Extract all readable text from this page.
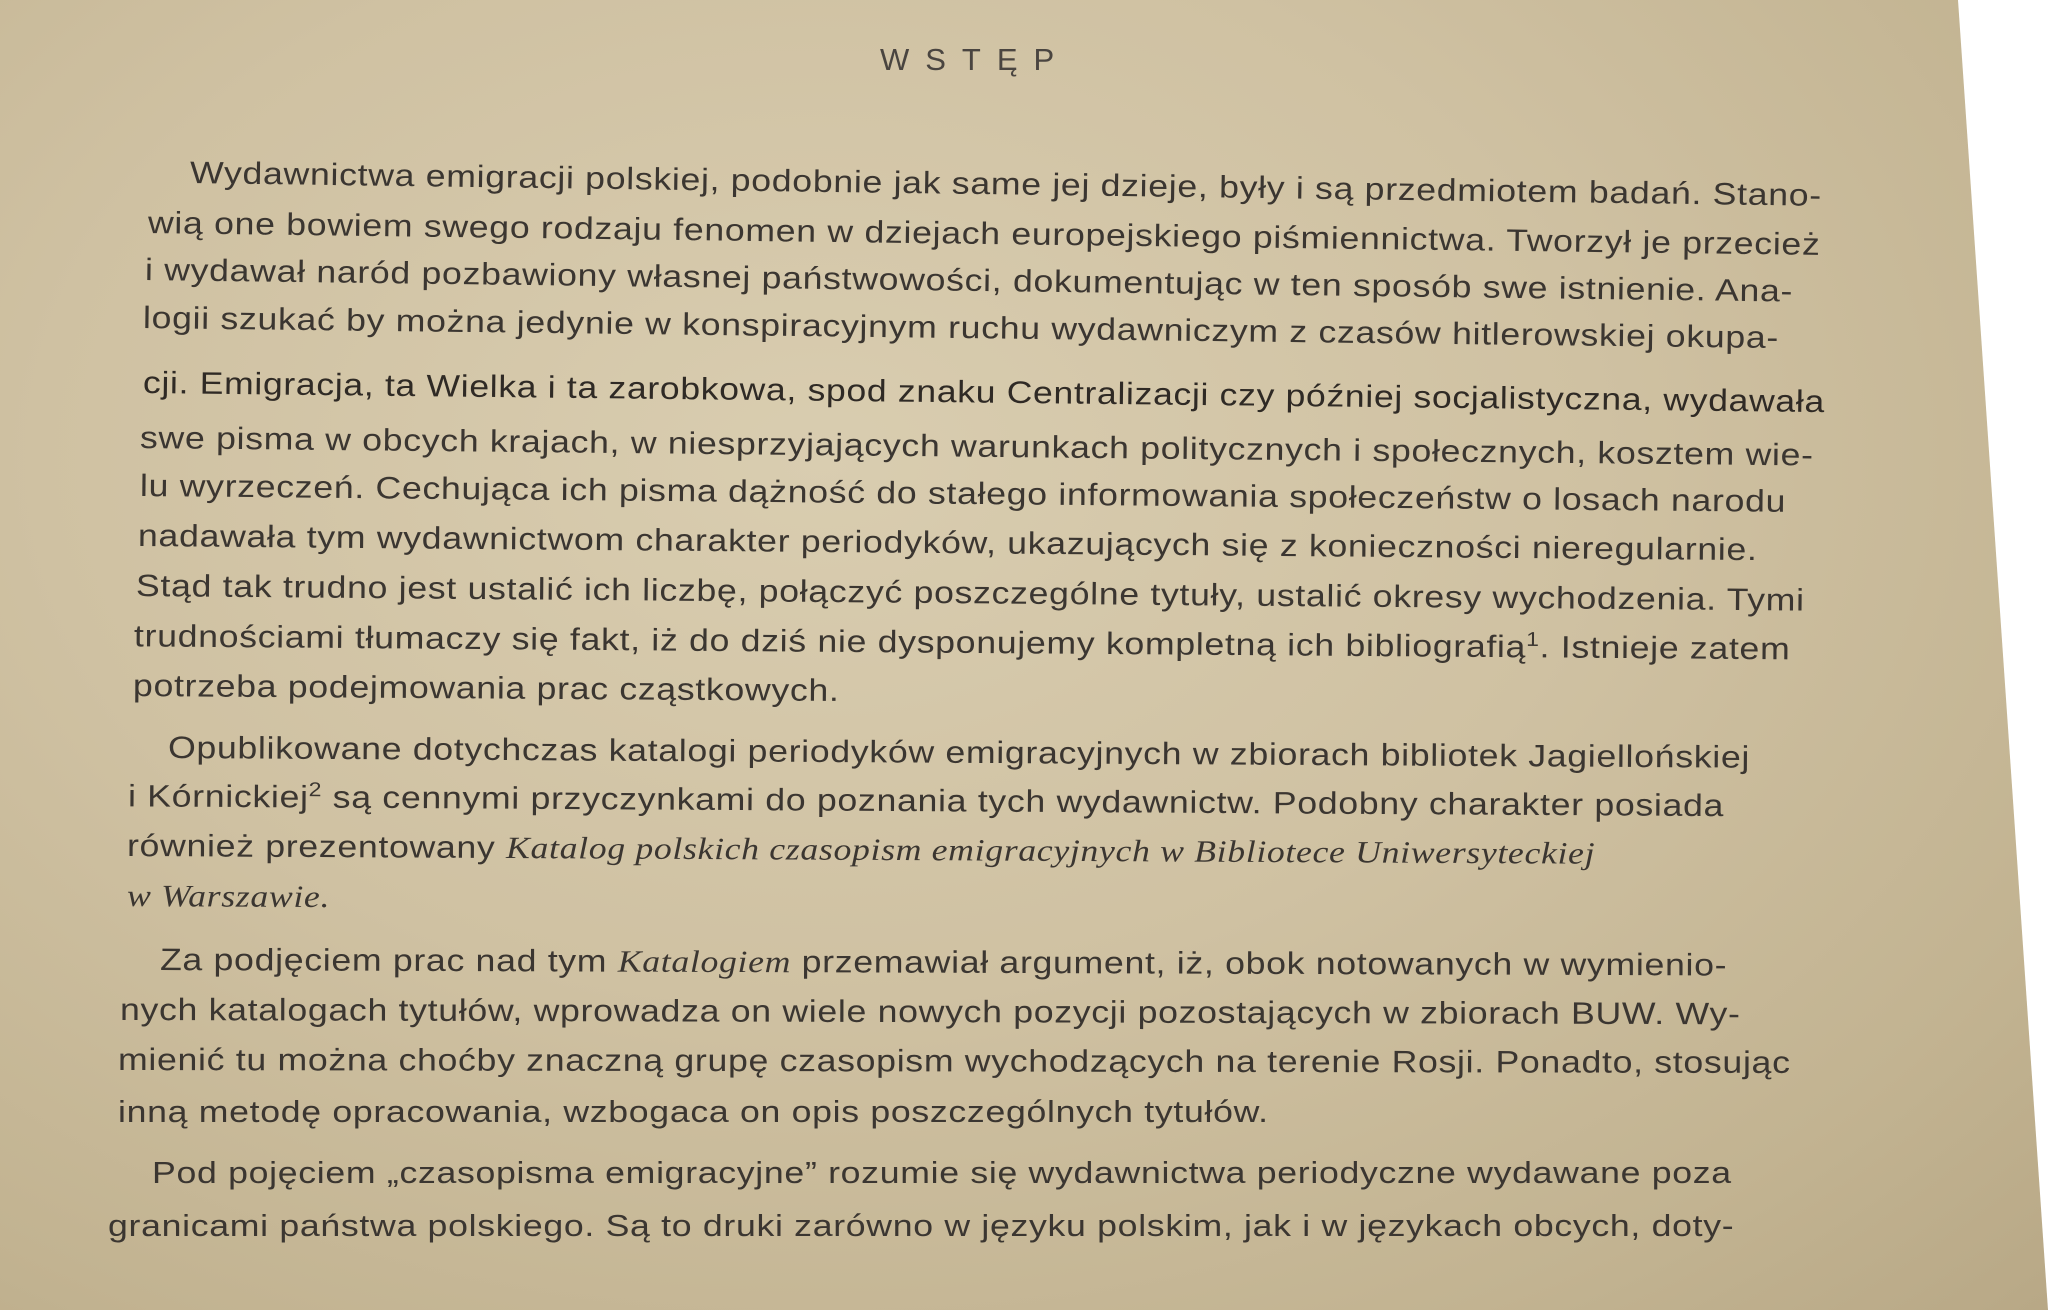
WSTĘP
Wydawnictwa emigracji polskiej, podobnie jak same jej dzieje, były i są przedmiotem badań. Stano-
wią one bowiem swego rodzaju fenomen w dziejach europejskiego piśmiennictwa. Tworzył je przecież
i wydawał naród pozbawiony własnej państwowości, dokumentując w ten sposób swe istnienie. Ana-
logii szukać by można jedynie w konspiracyjnym ruchu wydawniczym z czasów hitlerowskiej okupa-
cji. Emigracja, ta Wielka i ta zarobkowa, spod znaku Centralizacji czy później socjalistyczna, wydawała
swe pisma w obcych krajach, w niesprzyjających warunkach politycznych i społecznych, kosztem wie-
lu wyrzeczeń. Cechująca ich pisma dążność do stałego informowania społeczeństw o losach narodu
nadawała tym wydawnictwom charakter periodyków, ukazujących się z konieczności nieregularnie.
Stąd tak trudno jest ustalić ich liczbę, połączyć poszczególne tytuły, ustalić okresy wychodzenia. Tymi
trudnościami tłumaczy się fakt, iż do dziś nie dysponujemy kompletną ich bibliografią$^1$. Istnieje zatem
potrzeba podejmowania prac cząstkowych.
Opublikowane dotychczas katalogi periodyków emigracyjnych w zbiorach bibliotek Jagiellońskiej
i Kórnickiej$^2$ są cennymi przyczynkami do poznania tych wydawnictw. Podobny charakter posiada
również prezentowany Katalog polskich czasopism emigracyjnych w Bibliotece Uniwersyteckiej
w Warszawie.
Za podjęciem prac nad tym Katalogiem przemawiał argument, iż, obok notowanych w wymienio-
nych katalogach tytułów, wprowadza on wiele nowych pozycji pozostających w zbiorach BUW. Wy-
mienić tu można choćby znaczną grupę czasopism wychodzących na terenie Rosji. Ponadto, stosując
inną metodę opracowania, wzbogaca on opis poszczególnych tytułów.
Pod pojęciem „czasopisma emigracyjne” rozumie się wydawnictwa periodyczne wydawane poza
granicami państwa polskiego. Są to druki zarówno w języku polskim, jak i w językach obcych, doty-
